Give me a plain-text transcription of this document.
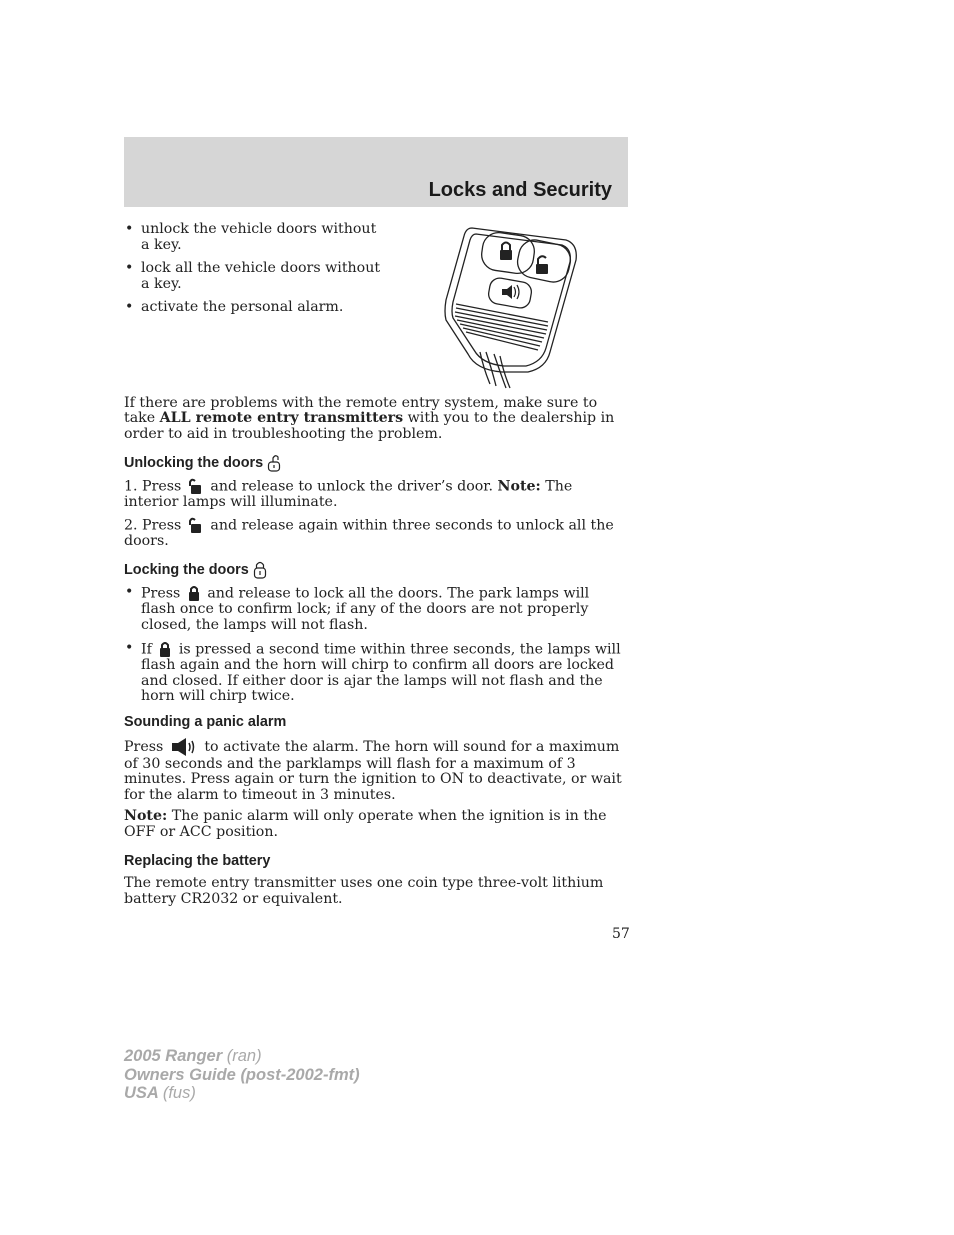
Locks and Security
• unlock the vehicle doors without a key.
• lock all the vehicle doors without a key.
• activate the personal alarm.

If there are problems with the remote entry system, make sure to take ALL remote entry transmitters with you to the dealership in order to aid in troubleshooting the problem.

Unlocking the doors

1. Press and release to unlock the driver’s door. Note: The interior lamps will illuminate.

2. Press and release again within three seconds to unlock all the doors.

Locking the doors
• Press and release to lock all the doors. The park lamps will flash once to confirm lock; if any of the doors are not properly closed, the lamps will not flash.
• If is pressed a second time within three seconds, the lamps will flash again and the horn will chirp to confirm all doors are locked and closed. If either door is ajar the lamps will not flash and the horn will chirp twice.
Sounding a panic alarm

Press	to activate the alarm. The horn will sound for a maximum of 30 seconds and the parklamps will flash for a maximum of 3 minutes. Press again or turn the ignition to ON to deactivate, or wait for the alarm to timeout in 3 minutes.

Note: The panic alarm will only operate when the ignition is in the OFF or ACC position.

Replacing the battery

The remote entry transmitter uses one coin type three-volt lithium battery CR2032 or equivalent.

57
2005 Ranger (ran)
Owners Guide (post-2002-fmt)
USA (fus)
